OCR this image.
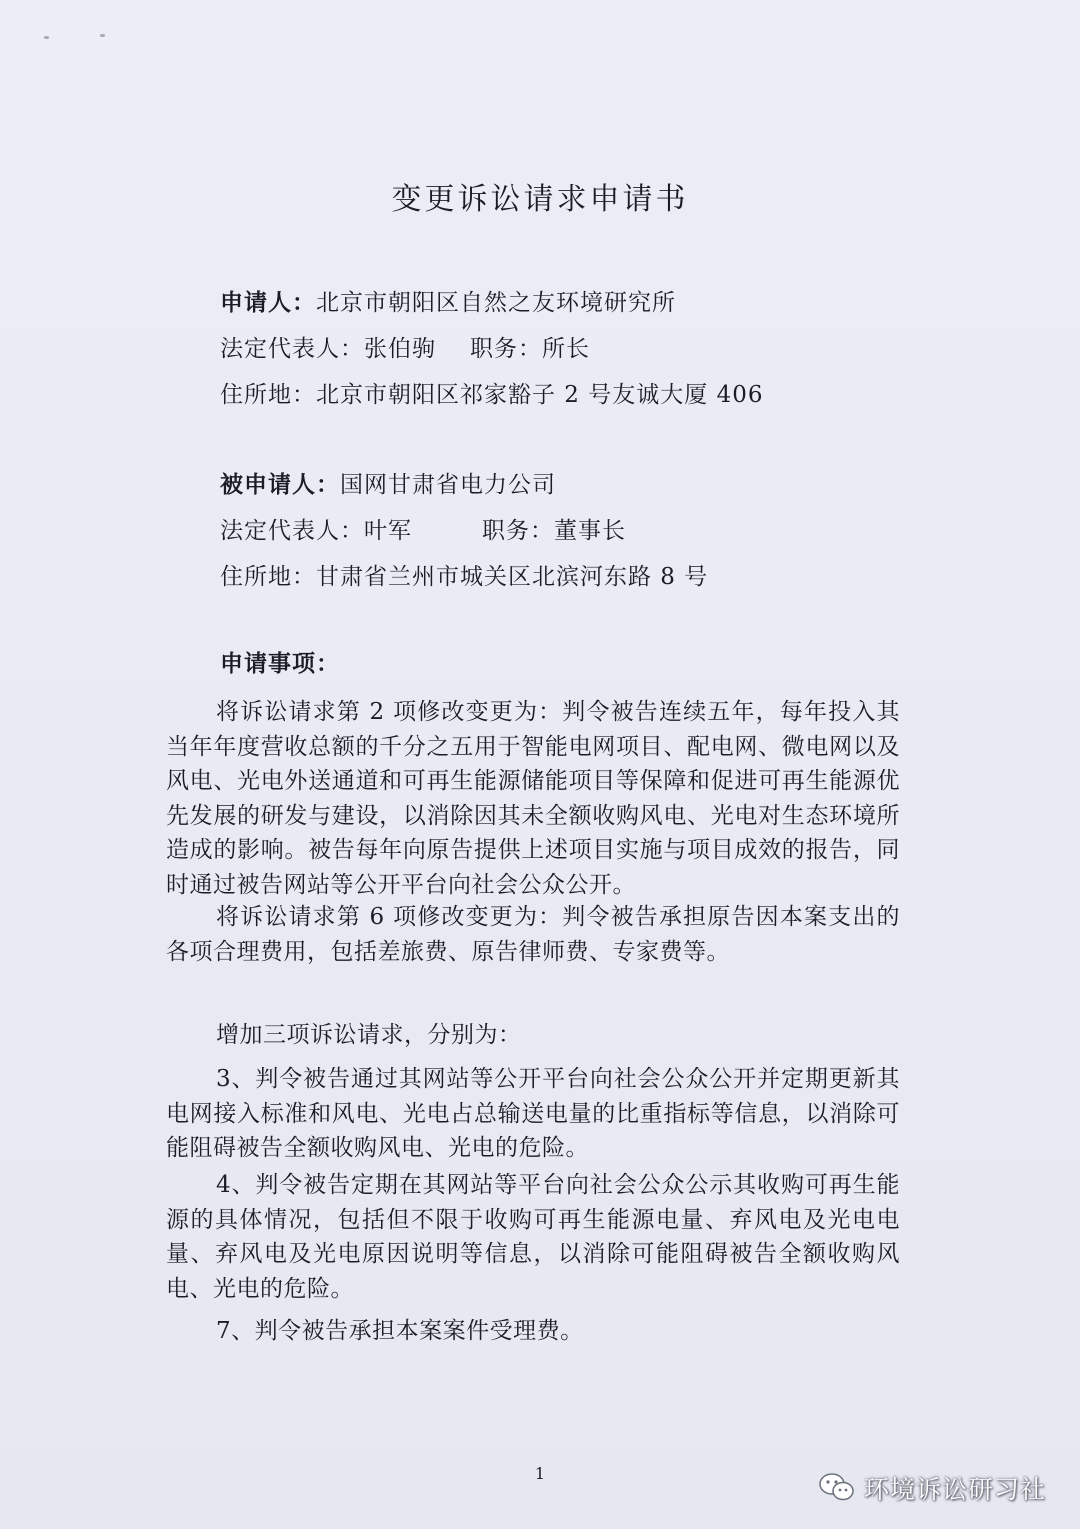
变更诉讼请求申请书
申请人：北京市朝阳区自然之友环境研究所
法定代表人：张伯驹 职务：所长
住所地：北京市朝阳区祁家豁子 2 号友诚大厦 406
被申请人：国网甘肃省电力公司
法定代表人：叶军	职务：董事长
住所地：甘肃省兰州市城关区北滨河东路 8 号
申请事项：

将诉讼请求第 2 项修改变更为：判令被告连续五年，每年投入其当年年度营收总额的千分之五用于智能电网项目、配电网、微电网以及风电、光电外送通道和可再生能源储能项目等保障和促进可再生能源优先发展的研发与建设，以消除因其未全额收购风电、光电对生态环境所造成的影响。被告每年向原告提供上述项目实施与项目成效的报告，同时通过被告网站等公开平台向社会公众公开。

将诉讼请求第 6 项修改变更为：判令被告承担原告因本案支出的各项合理费用，包括差旅费、原告律师费、专家费等。

增加三项诉讼请求，分别为：

3、判令被告通过其网站等公开平台向社会公众公开并定期更新其电网接入标准和风电、光电占总输送电量的比重指标等信息，以消除可能阻碍被告全额收购风电、光电的危险。

4、判令被告定期在其网站等平台向社会公众公示其收购可再生能源的具体情况，包括但不限于收购可再生能源电量、弃风电及光电电量、弃风电及光电原因说明等信息，以消除可能阻碍被告全额收购风电、光电的危险。

7、判令被告承担本案案件受理费。

1
环境诉讼研习社
